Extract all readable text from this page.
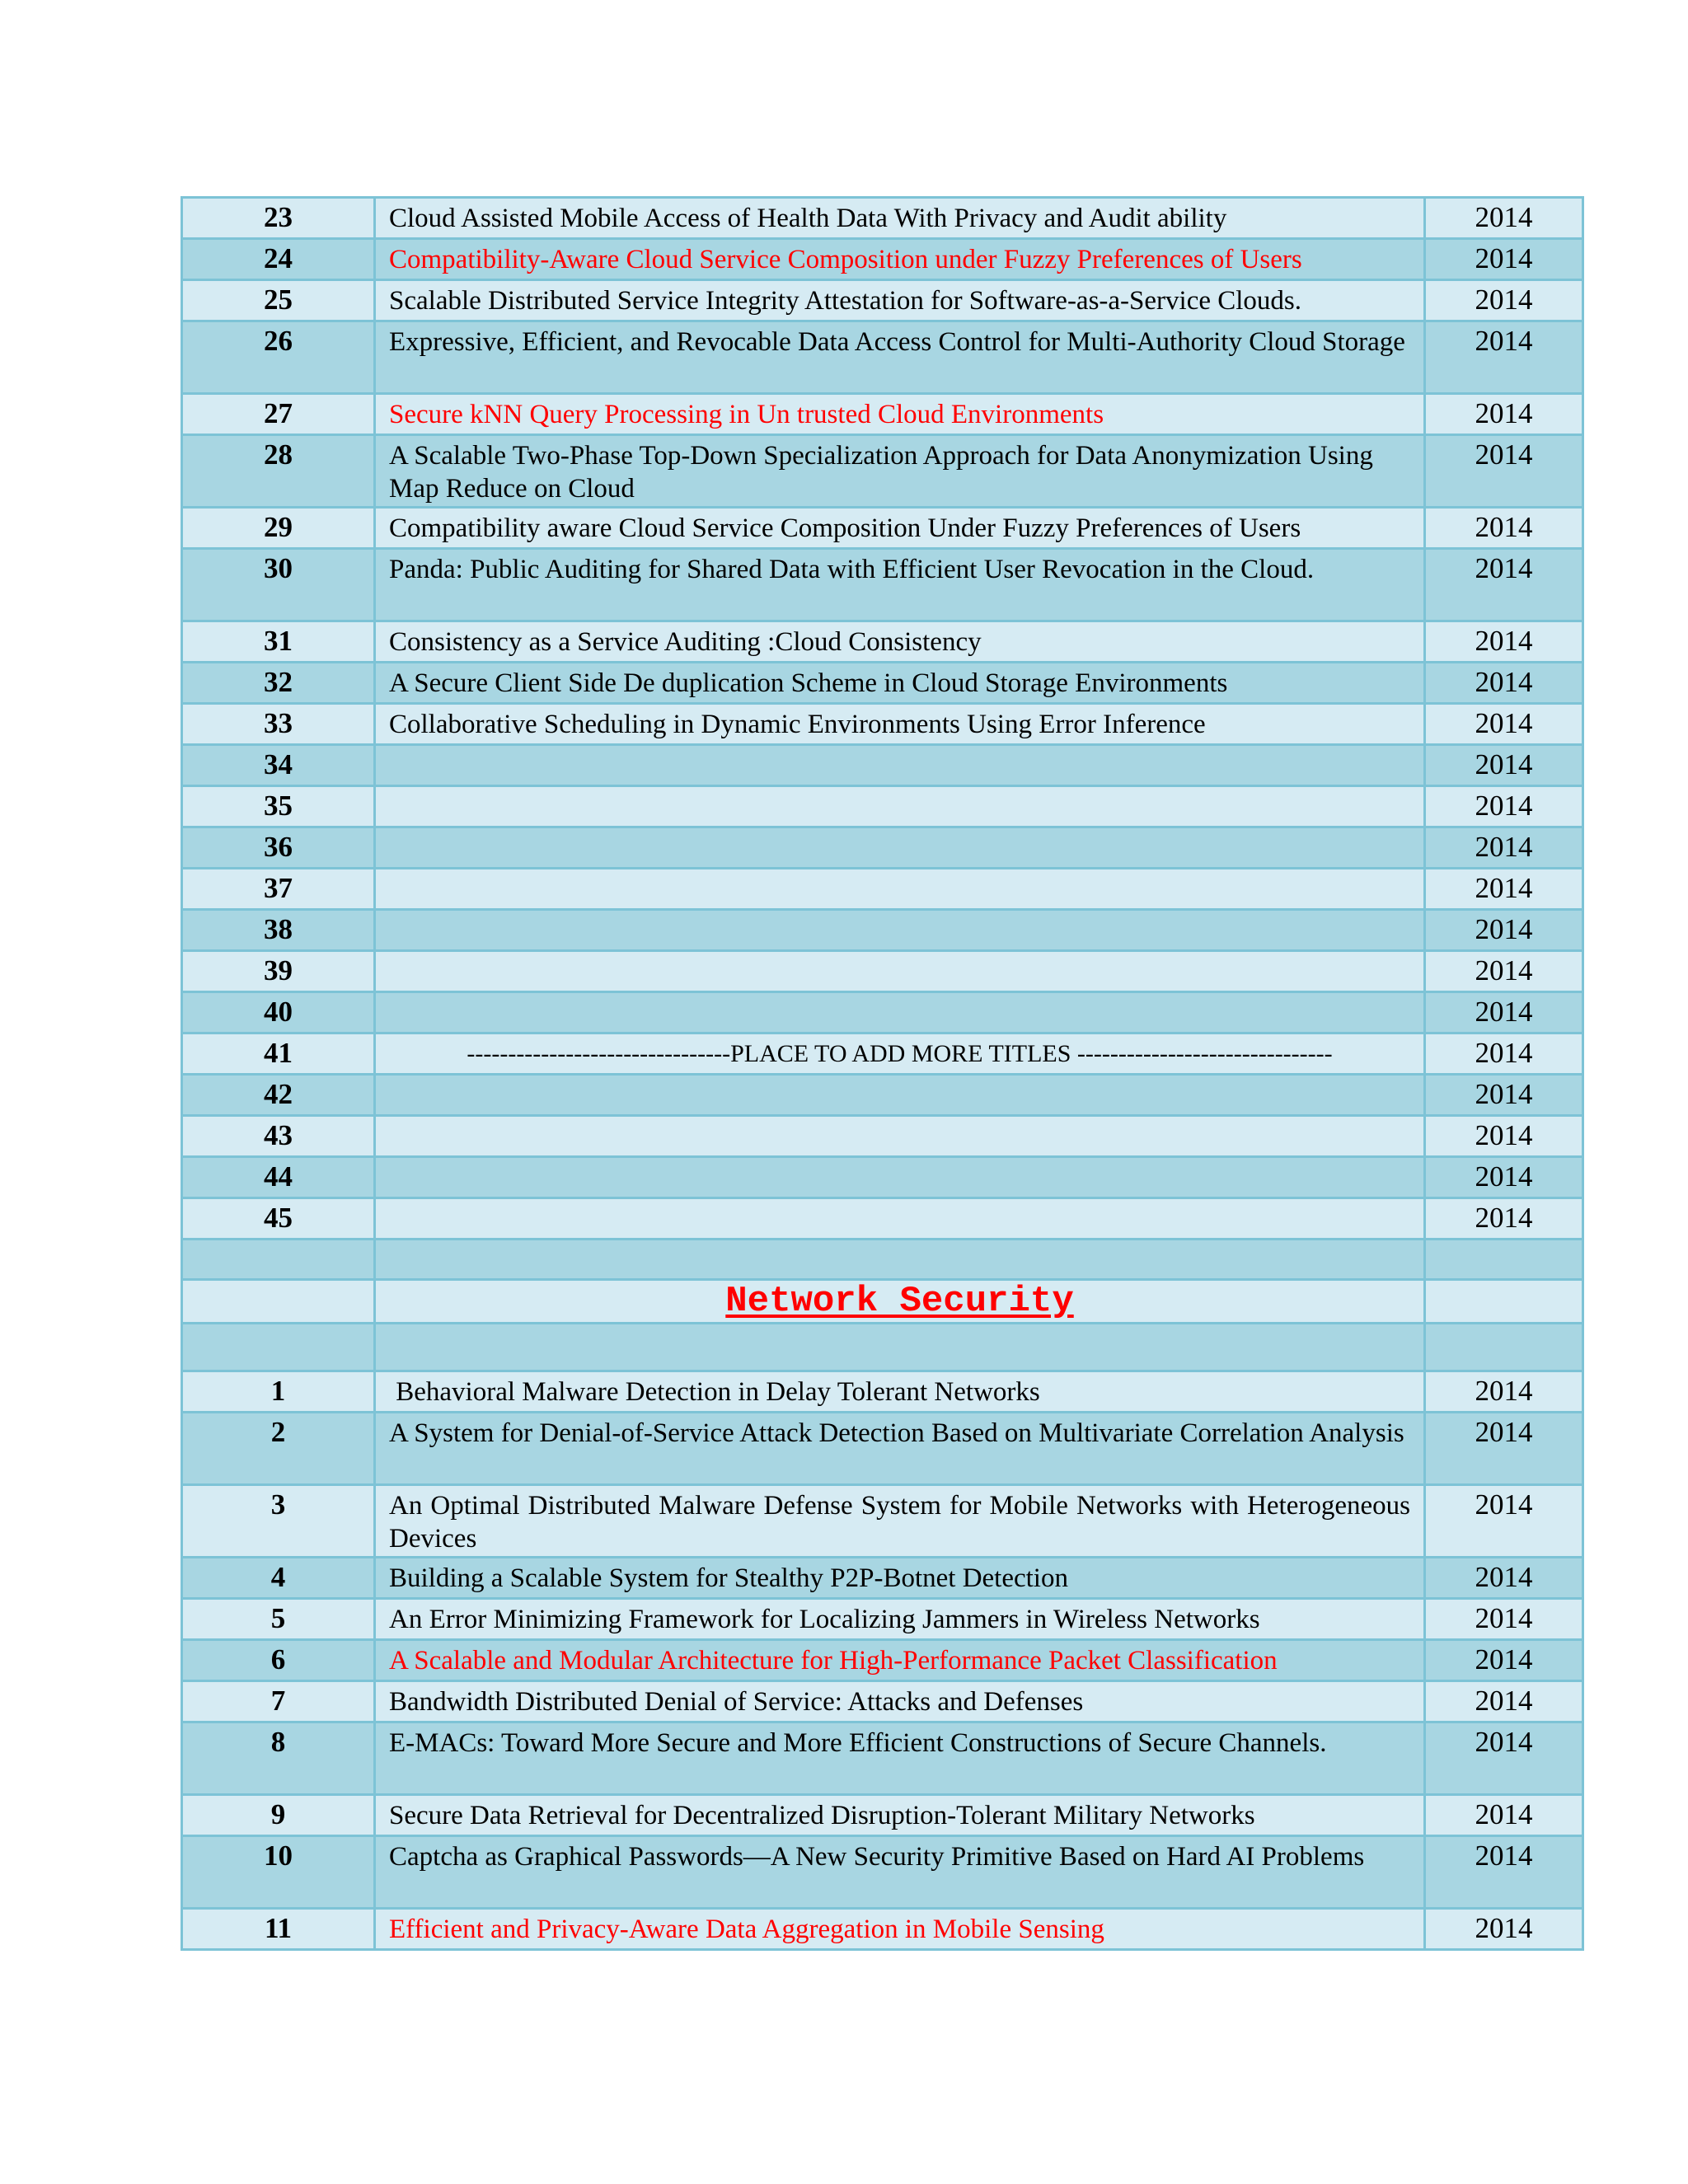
23	Cloud Assisted Mobile Access of Health Data With Privacy and Audit ability	2014
24	Compatibility-Aware Cloud Service Composition under Fuzzy Preferences of Users	2014
25	Scalable Distributed Service Integrity Attestation for Software-as-a-Service Clouds.	2014
26	Expressive, Efficient, and Revocable Data Access Control for Multi-Authority Cloud Storage	2014
27	Secure kNN Query Processing in Un trusted Cloud Environments	2014
28	A Scalable Two-Phase Top-Down Specialization Approach for Data Anonymization Using Map Reduce on Cloud	2014
29	Compatibility aware Cloud Service Composition Under Fuzzy Preferences of Users	2014
30	Panda: Public Auditing for Shared Data with Efficient User Revocation in the Cloud.	2014
31	Consistency as a Service Auditing :Cloud Consistency	2014
32	A Secure Client Side De duplication Scheme in Cloud Storage Environments	2014
33	Collaborative Scheduling in Dynamic Environments Using Error Inference	2014
34		2014
35		2014
36		2014
37		2014
38		2014
39		2014
40		2014
41	--------------------------------PLACE TO ADD MORE TITLES -------------------------------	2014
42		2014
43		2014
44		2014
45		2014

	Network Security	

1	Behavioral Malware Detection in Delay Tolerant Networks	2014
2	A System for Denial-of-Service Attack Detection Based on Multivariate Correlation Analysis	2014
3	An Optimal Distributed Malware Defense System for Mobile Networks with Heterogeneous Devices	2014
4	Building a Scalable System for Stealthy P2P-Botnet Detection	2014
5	An Error Minimizing Framework for Localizing Jammers in Wireless Networks	2014
6	A Scalable and Modular Architecture for High-Performance Packet Classification	2014
7	Bandwidth Distributed Denial of Service: Attacks and Defenses	2014
8	E-MACs: Toward More Secure and More Efficient Constructions of Secure Channels.	2014
9	Secure Data Retrieval for Decentralized Disruption-Tolerant Military Networks	2014
10	Captcha as Graphical Passwords—A New Security Primitive Based on Hard AI Problems	2014
11	Efficient and Privacy-Aware Data Aggregation in Mobile Sensing	2014
